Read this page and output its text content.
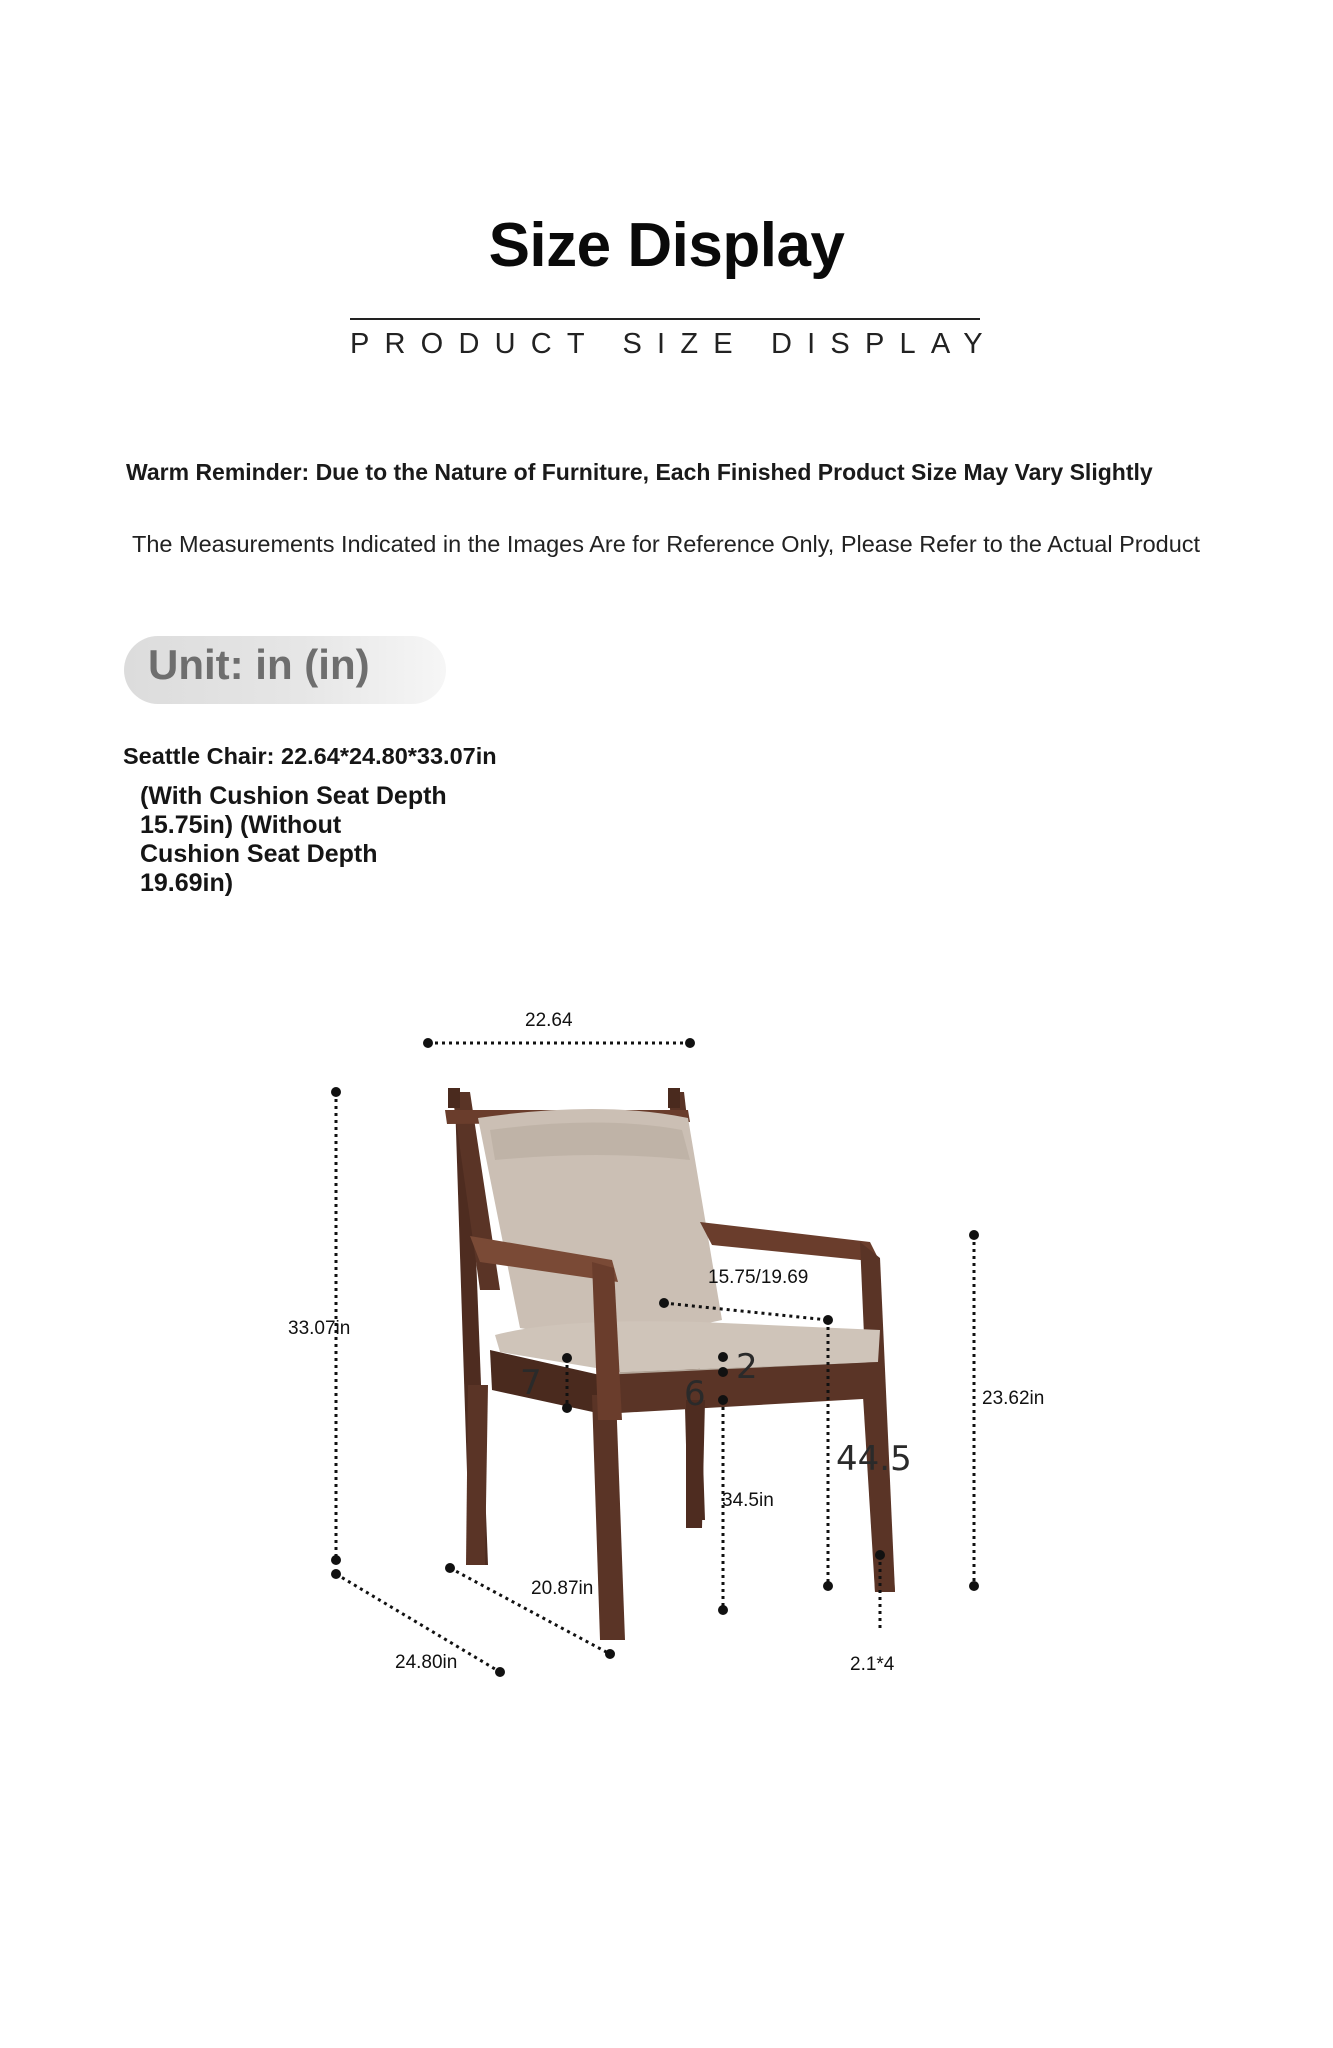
Size Display
PRODUCT SIZE DISPLAY
Warm Reminder: Due to the Nature of Furniture, Each Finished Product Size May Vary Slightly
The Measurements Indicated in the Images Are for Reference Only, Please Refer to the Actual Product
Unit: in (in)
Seattle Chair: 22.64*24.80*33.07in
(With Cushion Seat Depth
15.75in) (Without
Cushion Seat Depth
19.69in)
22.64
33.07in
15.75/19.69
23.62in
7	2
6
34.5in
44.5
20.87in
24.80in	2.1*4
